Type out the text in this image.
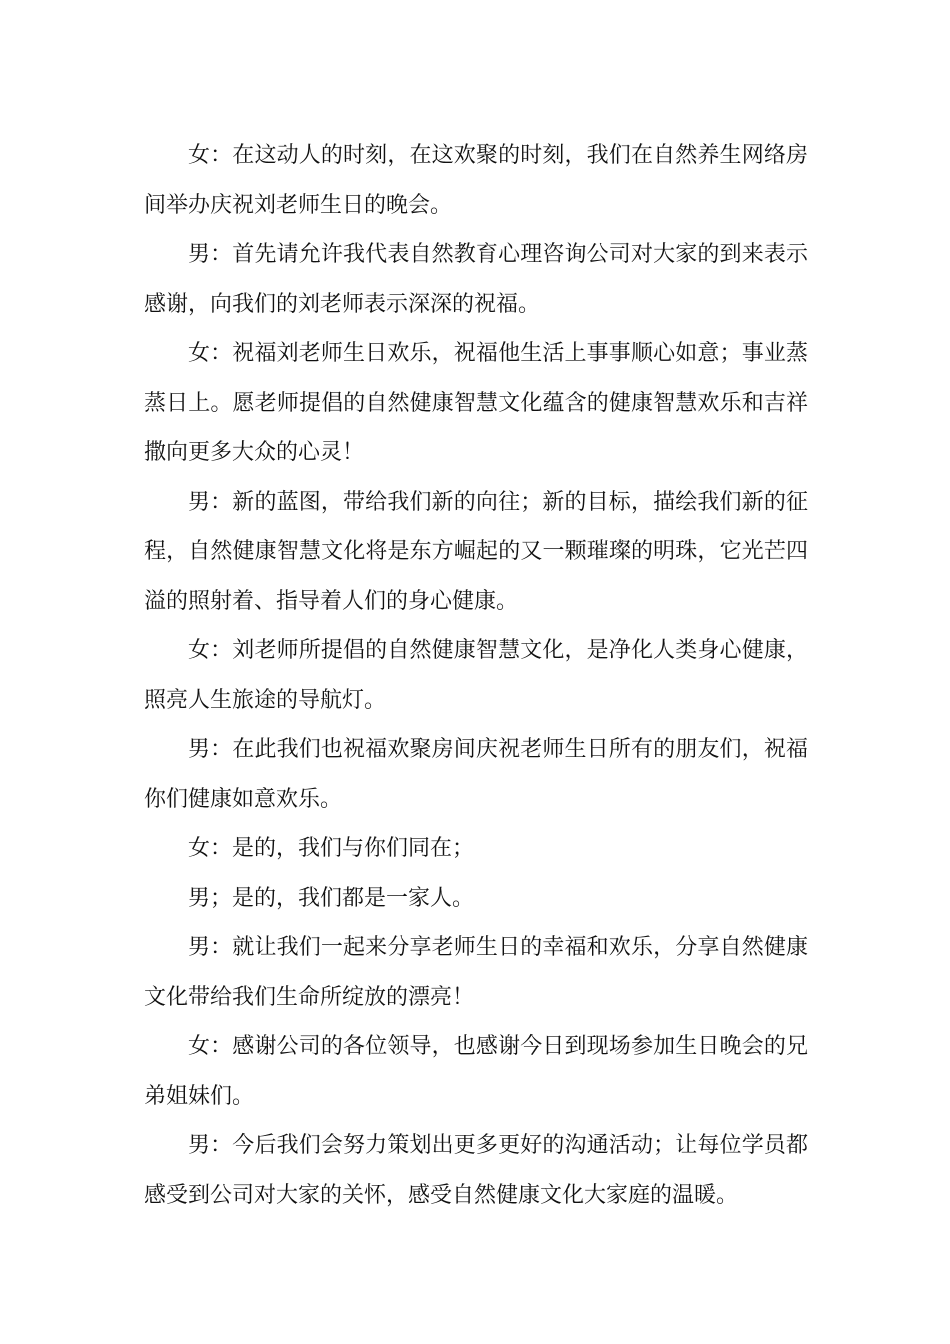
女：在这动人的时刻，在这欢聚的时刻，我们在自然养生网络房间举办庆祝刘老师生日的晚会。

男：首先请允许我代表自然教育心理咨询公司对大家的到来表示感谢，向我们的刘老师表示深深的祝福。

女：祝福刘老师生日欢乐，祝福他生活上事事顺心如意；事业蒸蒸日上。愿老师提倡的自然健康智慧文化蕴含的健康智慧欢乐和吉祥撒向更多大众的心灵！

男：新的蓝图，带给我们新的向往；新的目标，描绘我们新的征程，自然健康智慧文化将是东方崛起的又一颗璀璨的明珠，它光芒四溢的照射着、指导着人们的身心健康。

女：刘老师所提倡的自然健康智慧文化，是净化人类身心健康，照亮人生旅途的导航灯。

男：在此我们也祝福欢聚房间庆祝老师生日所有的朋友们，祝福你们健康如意欢乐。

女：是的，我们与你们同在；

男；是的，我们都是一家人。

男：就让我们一起来分享老师生日的幸福和欢乐，分享自然健康文化带给我们生命所绽放的漂亮！

女：感谢公司的各位领导，也感谢今日到现场参加生日晚会的兄弟姐妹们。

男：今后我们会努力策划出更多更好的沟通活动；让每位学员都感受到公司对大家的关怀，感受自然健康文化大家庭的温暖。
